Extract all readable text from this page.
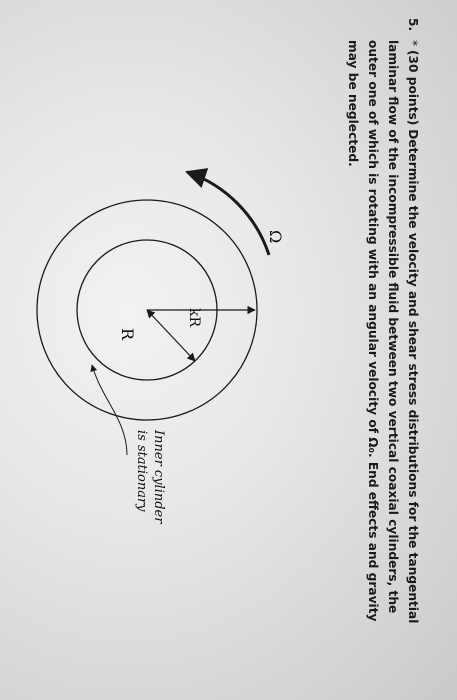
5.
* (30 points) Determine the velocity and shear stress distributions for the tangential
laminar flow of the incompressible fluid between two vertical coaxial cylinders, the
outer one of which is rotating with an angular velocity of Ω₀. End effects and gravity
may be neglected.
Ω
kR
R
Inner cylinder
is stationary
